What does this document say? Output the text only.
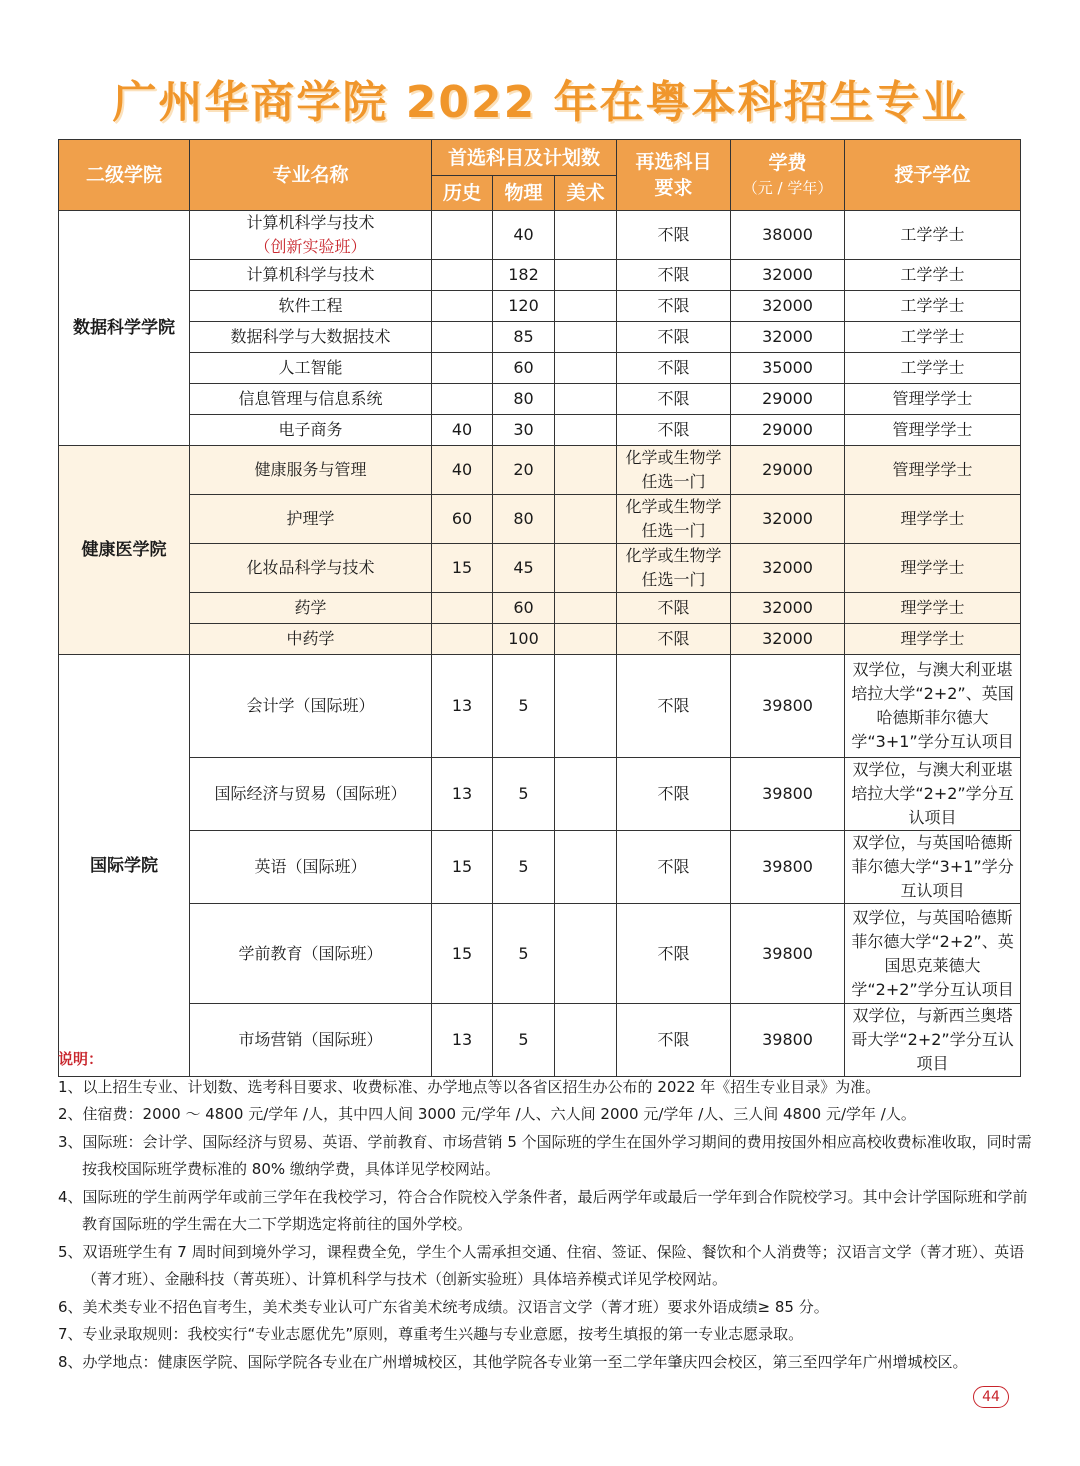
广州华商学院 2022 年在粤本科招生专业
二级学院	专业名称	首选科目及计划数			再选科目要求	学费
（元 / 学年）	授予学位
		历史	物理	美术			
数据科学学院	计算机科学与技术（创新实验班）		40		不限	38000	工学学士
	计算机科学与技术		182		不限	32000	工学学士
	软件工程		120		不限	32000	工学学士
	数据科学与大数据技术		85		不限	32000	工学学士
	人工智能		60		不限	35000	工学学士
	信息管理与信息系统		80		不限	29000	管理学学士
	电子商务	40	30		不限	29000	管理学学士
健康医学院	健康服务与管理	40	20		化学或生物学任选一门	29000	管理学学士
	护理学	60	80		化学或生物学任选一门	32000	理学学士
	化妆品科学与技术	15	45		化学或生物学任选一门	32000	理学学士
	药学		60		不限	32000	理学学士
	中药学		100		不限	32000	理学学士
国际学院	会计学（国际班）	13	5		不限	39800	双学位，与澳大利亚堪培拉大学“2+2”、英国哈德斯菲尔德大学“3+1”学分互认项目
	国际经济与贸易（国际班）	13	5		不限	39800	双学位，与澳大利亚堪培拉大学“2+2”学分互认项目
	英语（国际班）	15	5		不限	39800	双学位，与英国哈德斯菲尔德大学“3+1”学分互认项目
	学前教育（国际班）	15	5		不限	39800	双学位，与英国哈德斯菲尔德大学“2+2”、英国思克莱德大学“2+2”学分互认项目
	市场营销（国际班）	13	5		不限	39800	双学位，与新西兰奥塔哥大学“2+2”学分互认项目
说明：
1、以上招生专业、计划数、选考科目要求、收费标准、办学地点等以各省区招生办公布的 2022 年《招生专业目录》为准。
2、住宿费：2000 ～ 4800 元/学年 /人，其中四人间 3000 元/学年 /人、六人间 2000 元/学年 /人、三人间 4800 元/学年 /人。
3、国际班：会计学、国际经济与贸易、英语、学前教育、市场营销 5 个国际班的学生在国外学习期间的费用按国外相应高校收费标准收取，同时需按我校国际班学费标准的 80% 缴纳学费，具体详见学校网站。
4、国际班的学生前两学年或前三学年在我校学习，符合合作院校入学条件者，最后两学年或最后一学年到合作院校学习。其中会计学国际班和学前教育国际班的学生需在大二下学期选定将前往的国外学校。
5、双语班学生有 7 周时间到境外学习，课程费全免，学生个人需承担交通、住宿、签证、保险、餐饮和个人消费等；汉语言文学（菁才班）、英语（菁才班）、金融科技（菁英班）、计算机科学与技术（创新实验班）具体培养模式详见学校网站。
6、美术类专业不招色盲考生，美术类专业认可广东省美术统考成绩。汉语言文学（菁才班）要求外语成绩≥ 85 分。
7、专业录取规则：我校实行“专业志愿优先”原则，尊重考生兴趣与专业意愿，按考生填报的第一专业志愿录取。
8、办学地点：健康医学院、国际学院各专业在广州增城校区，其他学院各专业第一至二学年肇庆四会校区，第三至四学年广州增城校区。
44
